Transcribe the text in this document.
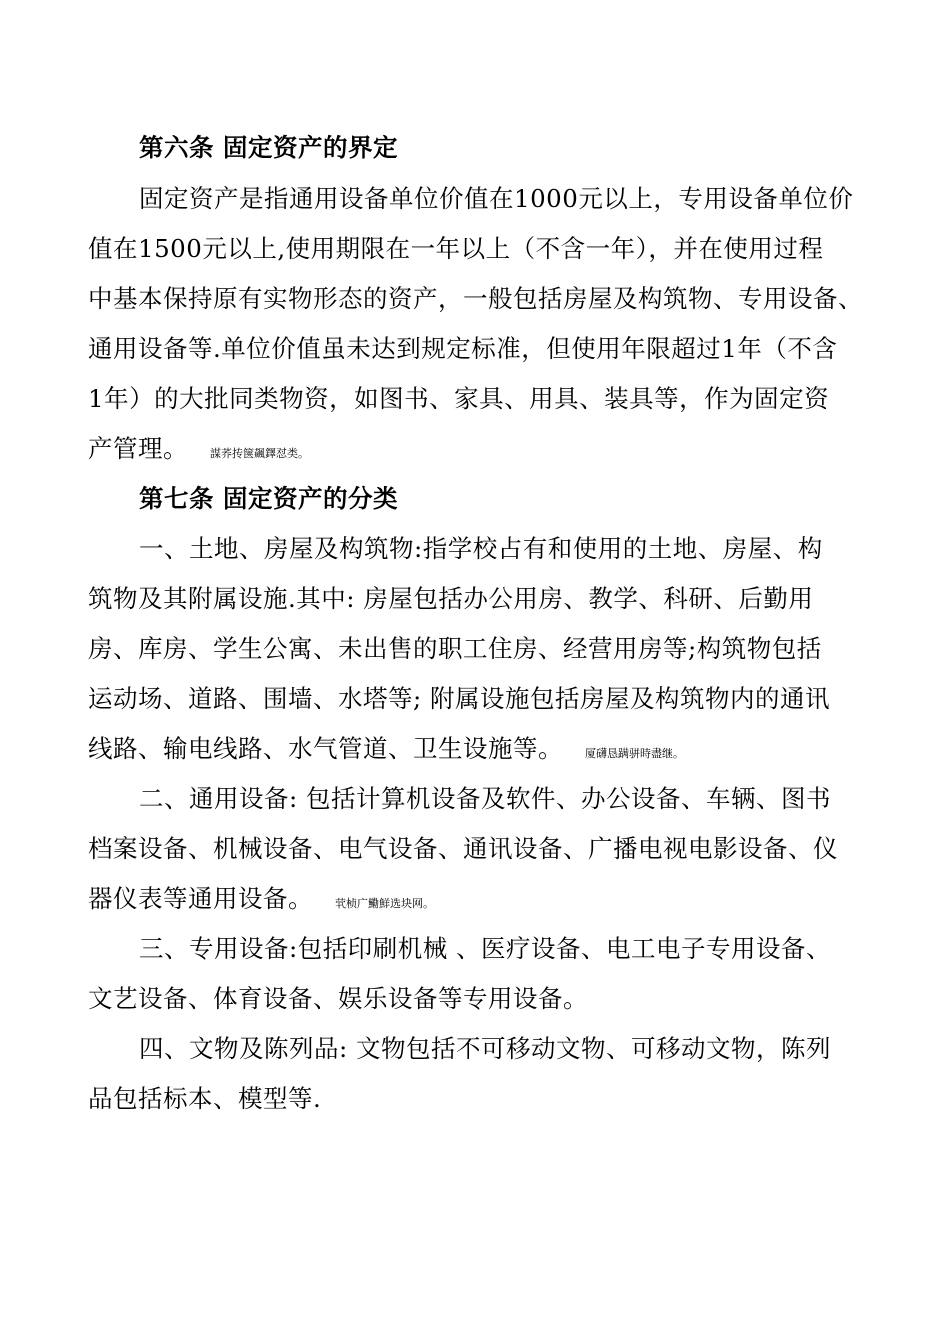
第六条 固定资产的界定
固定资产是指通用设备单位价值在1000元以上，专用设备单位价
值在1500元以上,使用期限在一年以上（不含一年），并在使用过程
中基本保持原有实物形态的资产，一般包括房屋及构筑物、专用设备、
通用设备等.单位价值虽未达到规定标准，但使用年限超过1年（不含
1年）的大批同类物资，如图书、家具、用具、装具等，作为固定资
产管理。 謀荞抟箧飆鐸怼类。
第七条 固定资产的分类
一、土地、房屋及构筑物:指学校占有和使用的土地、房屋、构
筑物及其附属设施.其中: 房屋包括办公用房、教学、科研、后勤用
房、库房、学生公寓、未出售的职工住房、经营用房等;构筑物包括
运动场、道路、围墙、水塔等; 附属设施包括房屋及构筑物内的通讯
线路、输电线路、水气管道、卫生设施等。 厦礴恳蹒骈時盡继。
二、通用设备: 包括计算机设备及软件、办公设备、车辆、图书
档案设备、机械设备、电气设备、通讯设备、广播电视电影设备、仪
器仪表等通用设备。 茕桢广鰳鮮选块网。
三、专用设备:包括印刷机械 、医疗设备、电工电子专用设备、
文艺设备、体育设备、娱乐设备等专用设备。
四、文物及陈列品: 文物包括不可移动文物、可移动文物，陈列
品包括标本、模型等.
